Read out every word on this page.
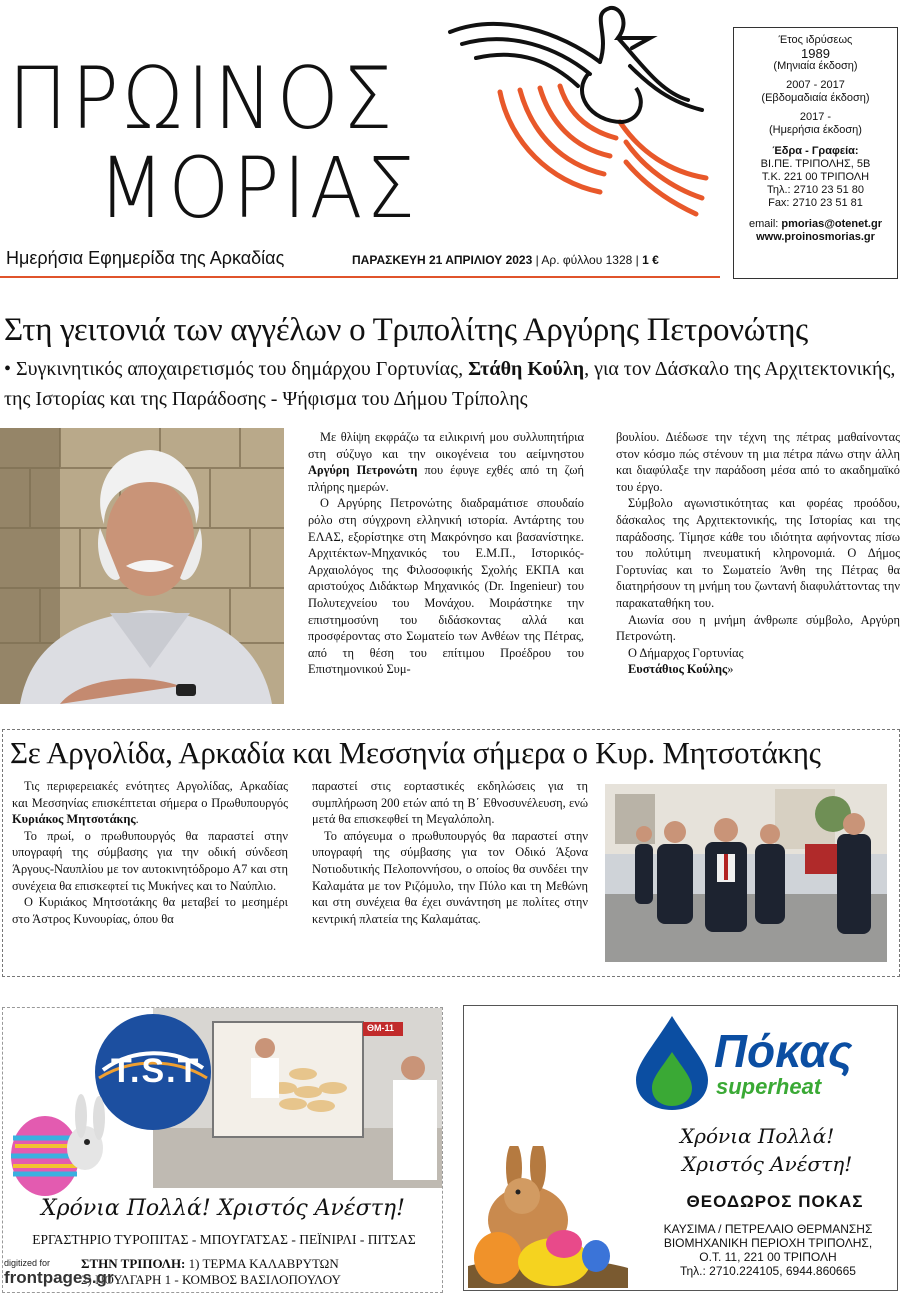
ΠΡΩΙΝΟΣ
ΜΟΡΙΑΣ

Έτος ιδρύσεως

1989

(Μηνιαία έκδοση)

2007 - 2017

(Εβδομαδιαία έκδοση)

2017 -

(Ημερήσια έκδοση)

Έδρα - Γραφεία:

ΒΙ.ΠΕ. ΤΡΙΠΟΛΗΣ, 5Β

Τ.Κ. 221 00 ΤΡΙΠΟΛΗ

Τηλ.: 2710 23 51 80

Fax: 2710 23 51 81

email: pmorias@otenet.gr

www.proinosmorias.gr

Ημερήσια Εφημερίδα της Αρκαδίας	ΠΑΡΑΣΚΕΥΗ 21 ΑΠΡΙΛΙΟΥ 2023 | Αρ. φύλλου 1328 | 1 €
Στη γειτονιά των αγγέλων ο Τριπολίτης Αργύρης Πετρονώτης
• Συγκινητικός αποχαιρετισμός του δημάρχου Γορτυνίας, Στάθη Κούλη, για τον Δάσκαλο της Αρχιτεκτονικής, της Ιστορίας και της Παράδοσης - Ψήφισμα του Δήμου Τρίπολης

Με θλίψη εκφράζω τα ειλικρινή μου συλλυπητήρια στη σύζυγο και την οικογένεια του αείμνηστου Αργύρη Πετρονώτη που έφυγε εχθές από τη ζωή πλήρης ημερών.

Ο Αργύρης Πετρονώτης διαδραμάτισε σπουδαίο ρόλο στη σύγχρονη ελληνική ιστορία. Αντάρτης του ΕΛΑΣ, εξορίστηκε στη Μακρόνησο και βασανίστηκε. Αρχιτέκτων-Μηχανικός του Ε.Μ.Π., Ιστορικός-Αρχαιολόγος της Φιλοσοφικής Σχολής ΕΚΠΑ και αριστούχος Διδάκτωρ Μηχανικός (Dr. Ingenieur) του Πολυτεχνείου του Μονάχου. Μοιράστηκε την επιστημοσύνη του διδάσκοντας αλλά και προσφέροντας στο Σωματείο των Ανθέων της Πέτρας, από τη θέση του επίτιμου Προέδρου του Επιστημονικού Συμ-

βουλίου. Διέδωσε την τέχνη της πέτρας μαθαίνοντας στον κόσμο πώς στένουν τη μια πέτρα πάνω στην άλλη και διαφύλαξε την παράδοση μέσα από το ακαδημαϊκό του έργο.

Σύμβολο αγωνιστικότητας και φορέας προόδου, δάσκαλος της Αρχιτεκτονικής, της Ιστορίας και της παράδοσης. Τίμησε κάθε του ιδιότητα αφήνοντας πίσω του πολύτιμη πνευματική κληρονομιά. Ο Δήμος Γορτυνίας και το Σωματείο Άνθη της Πέτρας θα διατηρήσουν τη μνήμη του ζωντανή διαφυλάττοντας την παρακαταθήκη του.

Αιωνία σου η μνήμη άνθρωπε σύμβολο, Αργύρη Πετρονώτη.

Ο Δήμαρχος Γορτυνίας

Ευστάθιος Κούλης»

Σε Αργολίδα, Αρκαδία και Μεσσηνία σήμερα ο Κυρ. Μητσοτάκης

Τις περιφερειακές ενότητες Αργολίδας, Αρκαδίας και Μεσσηνίας επισκέπτεται σήμερα ο Πρωθυπουργός Κυριάκος Μητσοτάκης.

Το πρωί, ο πρωθυπουργός θα παραστεί στην υπογραφή της σύμβασης για την οδική σύνδεση Άργους-Ναυπλίου με τον αυτοκινητόδρομο Α7 και στη συνέχεια θα επισκεφτεί τις Μυκήνες και το Ναύπλιο.

Ο Κυριάκος Μητσοτάκης θα μεταβεί το μεσημέρι στο Άστρος Κυνουρίας, όπου θα

παραστεί στις εορταστικές εκδηλώσεις για τη συμπλήρωση 200 ετών από τη Β΄ Εθνοσυνέλευση, ενώ μετά θα επισκεφθεί τη Μεγαλόπολη.

Το απόγευμα ο πρωθυπουργός θα παραστεί στην υπογραφή της σύμβασης για τον Οδικό Άξονα Νοτιοδυτικής Πελοποννήσου, ο οποίος θα συνδέει την Καλαμάτα με τον Ριζόμυλο, την Πύλο και τη Μεθώνη και στη συνέχεια θα έχει συνάντηση με πολίτες στην κεντρική πλατεία της Καλαμάτας.

T.S.T
ΘΜ-11
Χρόνια Πολλά! Χριστός Ανέστη!
ΕΡΓΑΣΤΗΡΙΟ ΤΥΡΟΠΙΤΑΣ - ΜΠΟΥΓΑΤΣΑΣ - ΠΕΪΝΙΡΛΙ - ΠΙΤΣΑΣ
ΣΤΗΝ ΤΡΙΠΟΛΗ: 1) ΤΕΡΜΑ ΚΑΛΑΒΡΥΤΩΝ
2) ΠΟΥΛΓΑΡΗ 1 - ΚΟΜΒΟΣ ΒΑΣΙΛΟΠΟΥΛΟΥ
digitized for
frontpages.gr
Πόκας
superheat
Χρόνια Πολλά!
Χριστός Ανέστη!
ΘΕΟΔΩΡΟΣ ΠΟΚΑΣ
ΚΑΥΣΙΜΑ / ΠΕΤΡΕΛΑΙΟ ΘΕΡΜΑΝΣΗΣ
ΒΙΟΜΗΧΑΝΙΚΗ ΠΕΡΙΟΧΗ ΤΡΙΠΟΛΗΣ,
Ο.Τ. 11, 221 00 ΤΡΙΠΟΛΗ
Τηλ.: 2710.224105, 6944.860665
